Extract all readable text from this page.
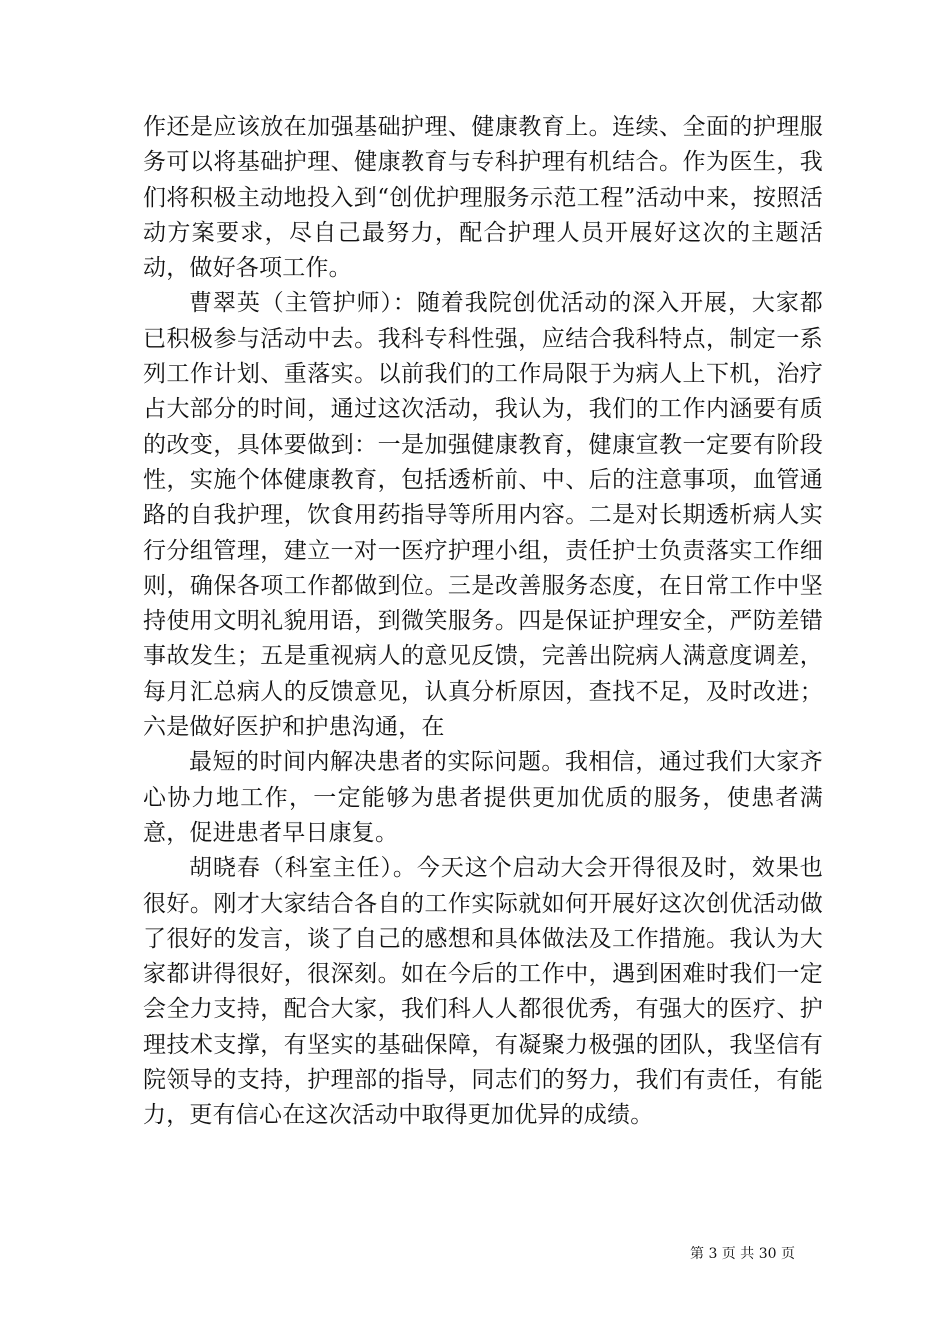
作还是应该放在加强基础护理、健康教育上。连续、全面的护理服务可以将基础护理、健康教育与专科护理有机结合。作为医生，我们将积极主动地投入到“创优护理服务示范工程”活动中来，按照活动方案要求，尽自己最努力，配合护理人员开展好这次的主题活动，做好各项工作。

曹翠英（主管护师）：随着我院创优活动的深入开展，大家都已积极参与活动中去。我科专科性强，应结合我科特点，制定一系列工作计划、重落实。以前我们的工作局限于为病人上下机，治疗占大部分的时间，通过这次活动，我认为，我们的工作内涵要有质的改变，具体要做到：一是加强健康教育，健康宣教一定要有阶段性，实施个体健康教育，包括透析前、中、后的注意事项，血管通路的自我护理，饮食用药指导等所用内容。二是对长期透析病人实行分组管理，建立一对一医疗护理小组，责任护士负责落实工作细则，确保各项工作都做到位。三是改善服务态度，在日常工作中坚持使用文明礼貌用语，到微笑服务。四是保证护理安全，严防差错事故发生；五是重视病人的意见反馈，完善出院病人满意度调差，每月汇总病人的反馈意见，认真分析原因，查找不足，及时改进；六是做好医护和护患沟通，在

最短的时间内解决患者的实际问题。我相信，通过我们大家齐心协力地工作，一定能够为患者提供更加优质的服务，使患者满意，促进患者早日康复。

胡晓春（科室主任）。今天这个启动大会开得很及时，效果也很好。刚才大家结合各自的工作实际就如何开展好这次创优活动做了很好的发言，谈了自己的感想和具体做法及工作措施。我认为大家都讲得很好，很深刻。如在今后的工作中，遇到困难时我们一定会全力支持，配合大家，我们科人人都很优秀，有强大的医疗、护理技术支撑，有坚实的基础保障，有凝聚力极强的团队，我坚信有院领导的支持，护理部的指导，同志们的努力，我们有责任，有能力，更有信心在这次活动中取得更加优异的成绩。

第 3 页 共 30 页
